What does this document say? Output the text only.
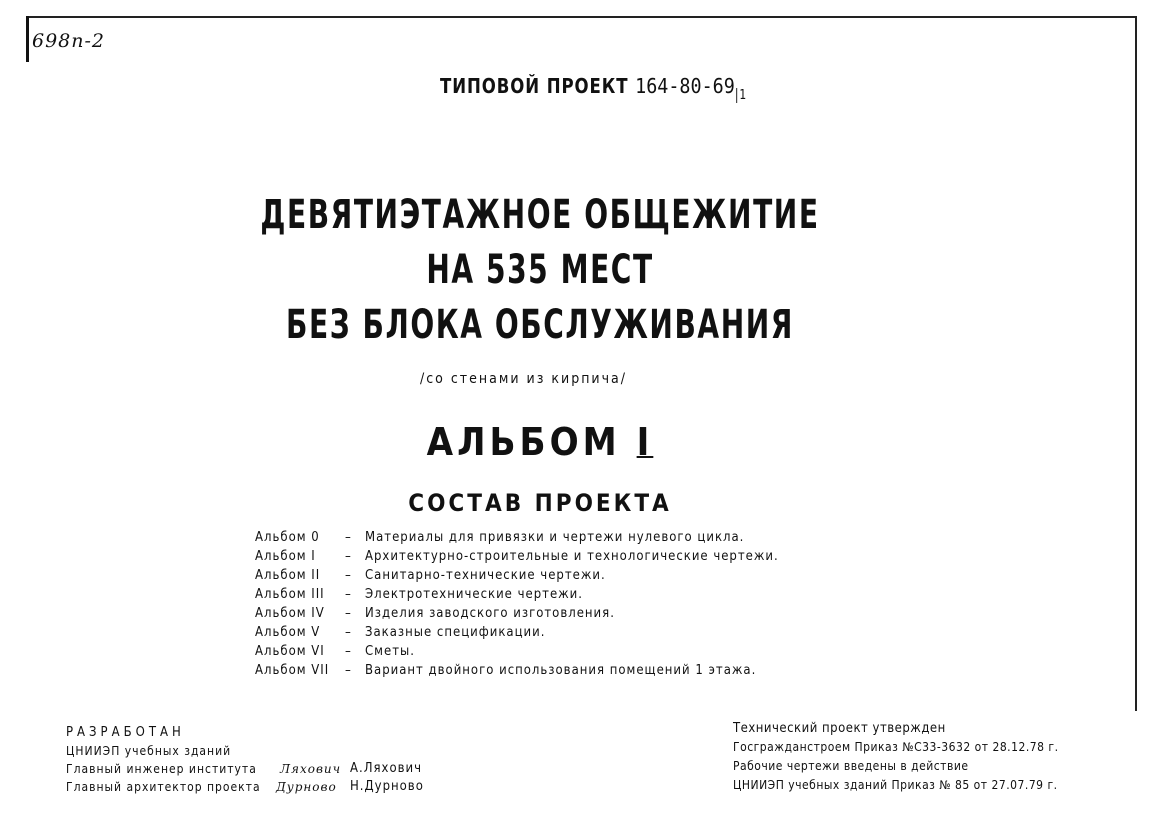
698п-2
ТИПОВОЙ ПРОЕКТ 164-80-69 $_1$
ДЕВЯТИЭТАЖНОЕ ОБЩЕЖИТИЕ
НА 535 МЕСТ
БЕЗ БЛОКА ОБСЛУЖИВАНИЯ
/со стенами из кирпича/
АЛЬБОМ I
СОСТАВ ПРОЕКТА
Альбом 0	– Материалы для привязки и чертежи нулевого цикла.
Альбом I	– Архитектурно-строительные и технологические чертежи.
Альбом II	– Санитарно-технические чертежи.
Альбом III	– Электротехнические чертежи.
Альбом IV	– Изделия заводского изготовления.
Альбом V	– Заказные спецификации.
Альбом VI	– Сметы.
Альбом VII	– Вариант двойного использования помещений 1 этажа.
РАЗРАБОТАН
ЦНИИЭП учебных зданий
Главный инженер института Ляхович А.Ляхович
Главный архитектор проекта Дурново Н.Дурново
Технический проект утвержден
Госгражданстроем Приказ №С33-3632 от 28.12.78 г.
Рабочие чертежи введены в действие
ЦНИИЭП учебных зданий Приказ № 85 от 27.07.79 г.
